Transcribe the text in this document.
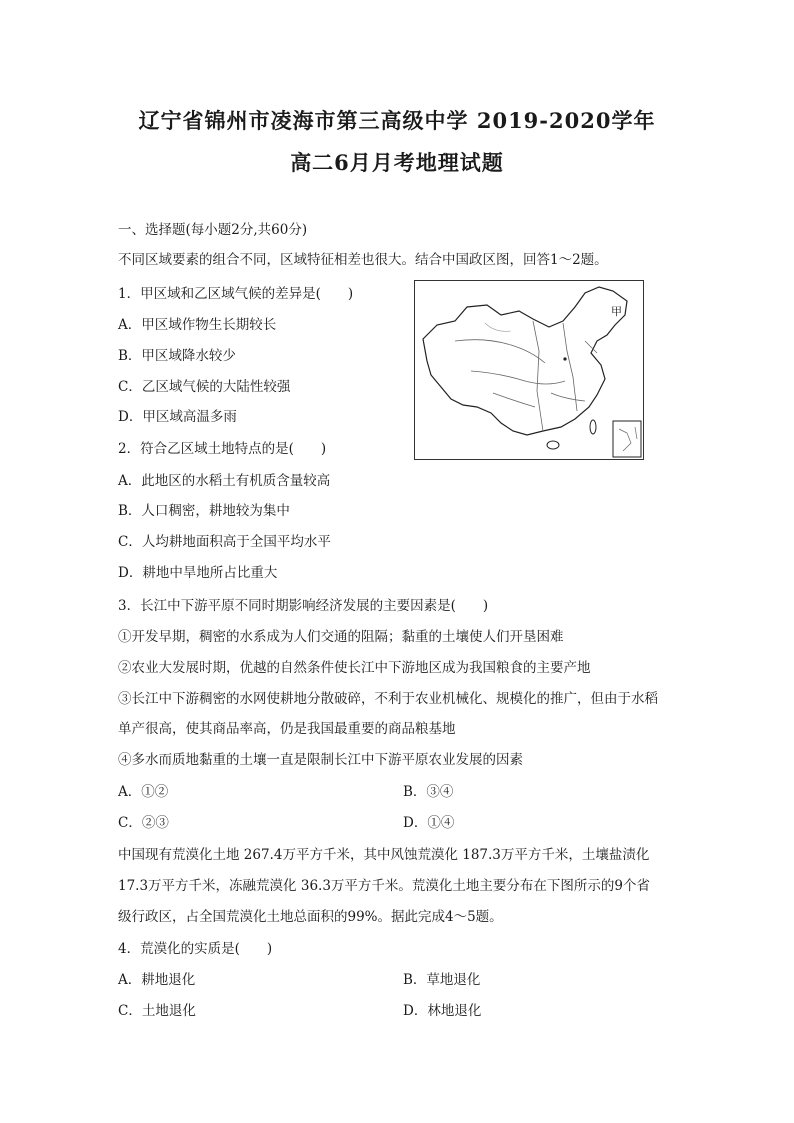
辽宁省锦州市凌海市第三高级中学 2019-2020学年
高二6月月考地理试题
一、选择题(每小题2分,共60分)
不同区域要素的组合不同，区域特征相差也很大。结合中国政区图，回答1～2题。
1．甲区域和乙区域气候的差异是(　　)
A．甲区域作物生长期较长
B．甲区域降水较少
C．乙区域气候的大陆性较强
D．甲区域高温多雨
2．符合乙区域土地特点的是(　　)
A．此地区的水稻土有机质含量较高
B．人口稠密，耕地较为集中
C．人均耕地面积高于全国平均水平
D．耕地中旱地所占比重大
甲
3．长江中下游平原不同时期影响经济发展的主要因素是(　　)
①开发早期，稠密的水系成为人们交通的阻隔；黏重的土壤使人们开垦困难
②农业大发展时期，优越的自然条件使长江中下游地区成为我国粮食的主要产地
③长江中下游稠密的水网使耕地分散破碎，不利于农业机械化、规模化的推广，但由于水稻
单产很高，使其商品率高，仍是我国最重要的商品粮基地
④多水而质地黏重的土壤一直是限制长江中下游平原农业发展的因素
A．①②	B．③④
C．②③	D．①④
中国现有荒漠化土地 267.4万平方千米，其中风蚀荒漠化 187.3万平方千米，土壤盐渍化
17.3万平方千米，冻融荒漠化 36.3万平方千米。荒漠化土地主要分布在下图所示的9个省
级行政区，占全国荒漠化土地总面积的99%。据此完成4～5题。
4．荒漠化的实质是(　　)
A．耕地退化	B．草地退化
C．土地退化	D．林地退化
